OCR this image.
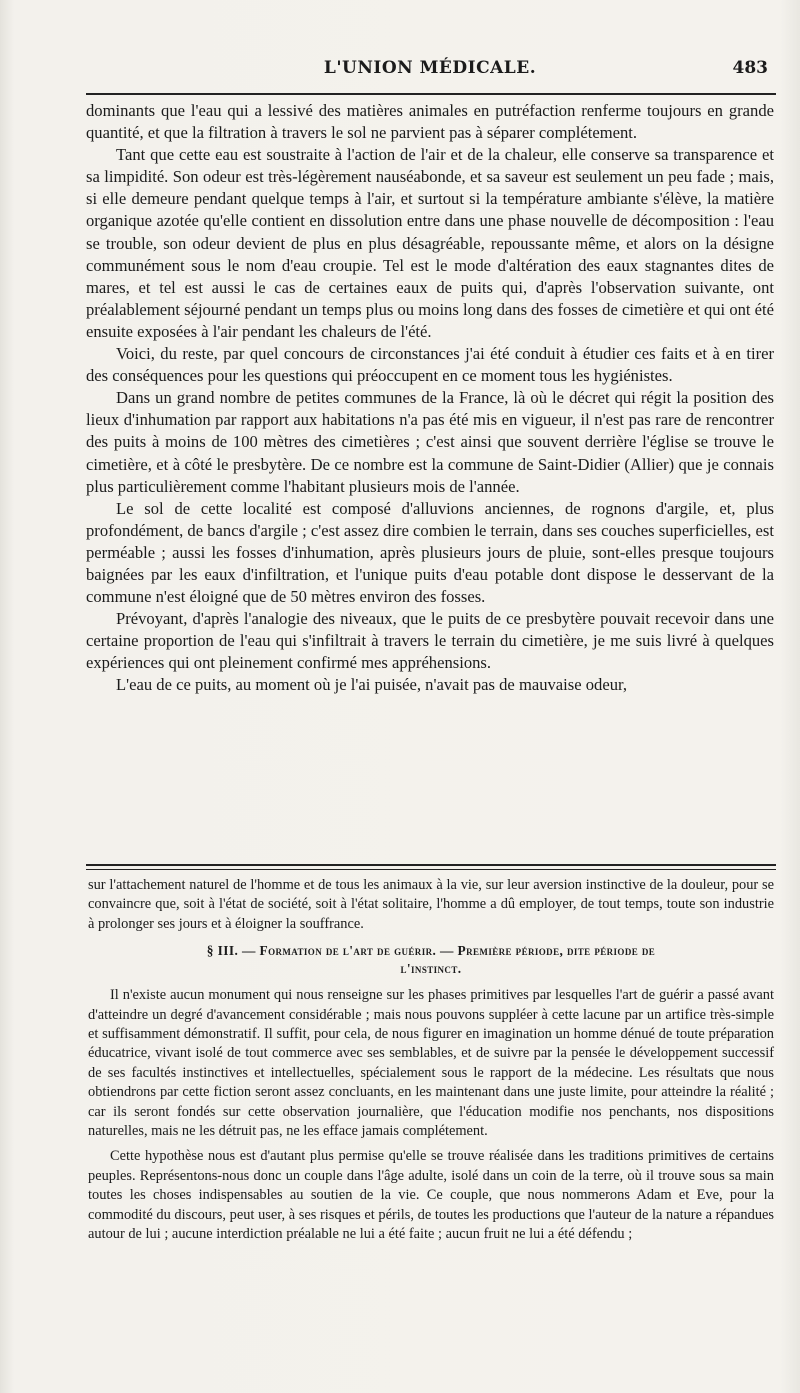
L'UNION MÉDICALE.	483

dominants que l'eau qui a lessivé des matières animales en putréfaction renferme toujours en grande quantité, et que la filtration à travers le sol ne parvient pas à séparer complétement.

Tant que cette eau est soustraite à l'action de l'air et de la chaleur, elle conserve sa transparence et sa limpidité. Son odeur est très-légèrement nauséabonde, et sa saveur est seulement un peu fade ; mais, si elle demeure pendant quelque temps à l'air, et surtout si la température ambiante s'élève, la matière organique azotée qu'elle contient en dissolution entre dans une phase nouvelle de décomposition : l'eau se trouble, son odeur devient de plus en plus désagréable, repoussante même, et alors on la désigne communément sous le nom d'eau croupie. Tel est le mode d'altération des eaux stagnantes dites de mares, et tel est aussi le cas de certaines eaux de puits qui, d'après l'observation suivante, ont préalablement séjourné pendant un temps plus ou moins long dans des fosses de cimetière et qui ont été ensuite exposées à l'air pendant les chaleurs de l'été.

Voici, du reste, par quel concours de circonstances j'ai été conduit à étudier ces faits et à en tirer des conséquences pour les questions qui préoccupent en ce moment tous les hygiénistes.

Dans un grand nombre de petites communes de la France, là où le décret qui régit la position des lieux d'inhumation par rapport aux habitations n'a pas été mis en vigueur, il n'est pas rare de rencontrer des puits à moins de 100 mètres des cimetières ; c'est ainsi que souvent derrière l'église se trouve le cimetière, et à côté le presbytère. De ce nombre est la commune de Saint-Didier (Allier) que je connais plus particulièrement comme l'habitant plusieurs mois de l'année.

Le sol de cette localité est composé d'alluvions anciennes, de rognons d'argile, et, plus profondément, de bancs d'argile ; c'est assez dire combien le terrain, dans ses couches superficielles, est perméable ; aussi les fosses d'inhumation, après plusieurs jours de pluie, sont-elles presque toujours baignées par les eaux d'infiltration, et l'unique puits d'eau potable dont dispose le desservant de la commune n'est éloigné que de 50 mètres environ des fosses.

Prévoyant, d'après l'analogie des niveaux, que le puits de ce presbytère pouvait recevoir dans une certaine proportion de l'eau qui s'infiltrait à travers le terrain du cimetière, je me suis livré à quelques expériences qui ont pleinement confirmé mes appréhensions.

L'eau de ce puits, au moment où je l'ai puisée, n'avait pas de mauvaise odeur,

sur l'attachement naturel de l'homme et de tous les animaux à la vie, sur leur aversion instinctive de la douleur, pour se convaincre que, soit à l'état de société, soit à l'état solitaire, l'homme a dû employer, de tout temps, toute son industrie à prolonger ses jours et à éloigner la souffrance.

§ III. — Formation de l'art de guérir. — Première période, dite période de
l'instinct.

Il n'existe aucun monument qui nous renseigne sur les phases primitives par lesquelles l'art de guérir a passé avant d'atteindre un degré d'avancement considérable ; mais nous pouvons suppléer à cette lacune par un artifice très-simple et suffisamment démonstratif. Il suffit, pour cela, de nous figurer en imagination un homme dénué de toute préparation éducatrice, vivant isolé de tout commerce avec ses semblables, et de suivre par la pensée le développement successif de ses facultés instinctives et intellectuelles, spécialement sous le rapport de la médecine. Les résultats que nous obtiendrons par cette fiction seront assez concluants, en les maintenant dans une juste limite, pour atteindre la réalité ; car ils seront fondés sur cette observation journalière, que l'éducation modifie nos penchants, nos dispositions naturelles, mais ne les détruit pas, ne les efface jamais complétement.

Cette hypothèse nous est d'autant plus permise qu'elle se trouve réalisée dans les traditions primitives de certains peuples. Représentons-nous donc un couple dans l'âge adulte, isolé dans un coin de la terre, où il trouve sous sa main toutes les choses indispensables au soutien de la vie. Ce couple, que nous nommerons Adam et Eve, pour la commodité du discours, peut user, à ses risques et périls, de toutes les productions que l'auteur de la nature a répandues autour de lui ; aucune interdiction préalable ne lui a été faite ; aucun fruit ne lui a été défendu ;
